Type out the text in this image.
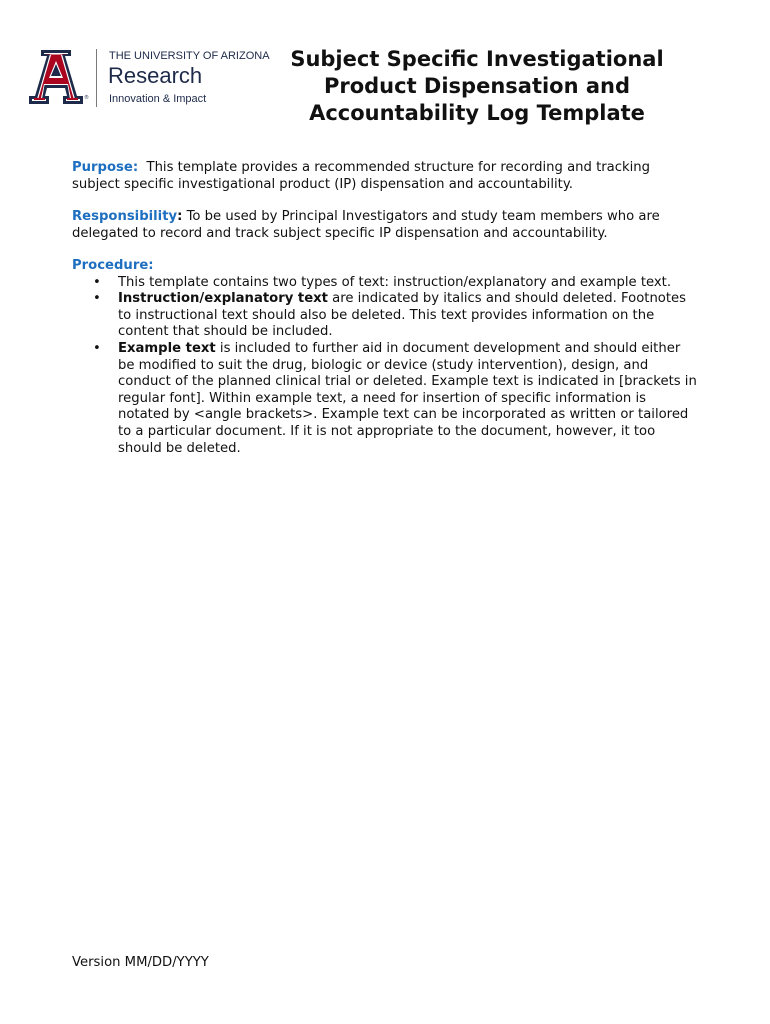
®
THE UNIVERSITY OF ARIZONA
Research
Innovation & Impact
Subject Specific Investigational
Product Dispensation and
Accountability Log Template

Purpose: This template provides a recommended structure for recording and tracking subject specific investigational product (IP) dispensation and accountability.

Responsibility: To be used by Principal Investigators and study team members who are delegated to record and track subject specific IP dispensation and accountability.

Procedure:
• This template contains two types of text: instruction/explanatory and example text.
• Instruction/explanatory text are indicated by italics and should deleted. Footnotes to instructional text should also be deleted. This text provides information on the content that should be included.
• Example text is included to further aid in document development and should either be modified to suit the drug, biologic or device (study intervention), design, and conduct of the planned clinical trial or deleted. Example text is indicated in [brackets in regular font]. Within example text, a need for insertion of specific information is notated by <angle brackets>. Example text can be incorporated as written or tailored to a particular document. If it is not appropriate to the document, however, it too should be deleted.
Version MM/DD/YYYY
